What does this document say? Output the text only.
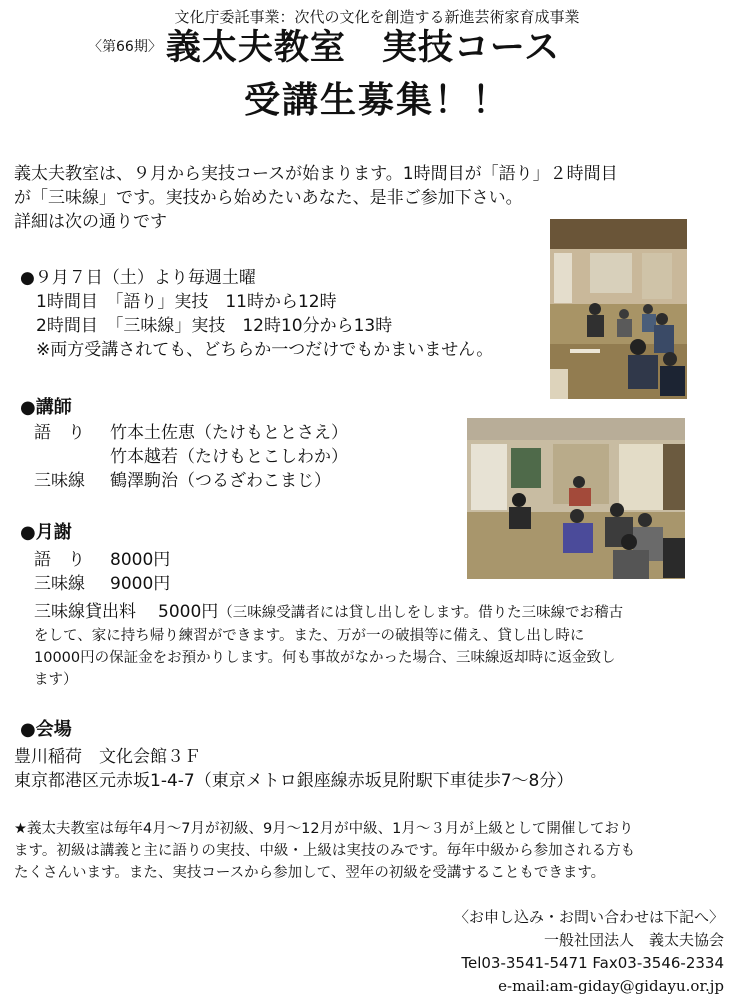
文化庁委託事業：次代の文化を創造する新進芸術家育成事業
$^{〈第66期〉}$ 義太夫教室 実技コース
受講生募集！！
義太夫教室は、９月から実技コースが始まります。1時間目が「語り」２時間目
が「三味線」です。実技から始めたいあなた、是非ご参加下さい。
詳細は次の通りです
●９月７日（土）より毎週土曜
1時間目　「語り」実技　11時から12時
2時間目　「三味線」実技　12時10分から13時
※両方受講されても、どちらか一つだけでもかまいません。
●講師
語　り	竹本土佐恵（たけもととさえ）
竹本越若（たけもとこしわか）
三味線	鶴澤駒治（つるざわこまじ）
●月謝
語　り	8000円
三味線	9000円
三味線貸出料 5000円 （三味線受講者には貸し出しをします。借りた三味線でお稽古
をして、家に持ち帰り練習ができます。また、万が一の破損等に備え、貸し出し時に
10000円の保証金をお預かりします。何も事故がなかった場合、三味線返却時に返金致し
ます）
●会場
豊川稲荷　文化会館３Ｆ
東京都港区元赤坂1-4-7（東京メトロ銀座線赤坂見附駅下車徒歩7～8分）
★義太夫教室は毎年4月～7月が初級、9月～12月が中級、1月～３月が上級として開催しており
ます。初級は講義と主に語りの実技、中級・上級は実技のみです。毎年中級から参加される方も
たくさんいます。また、実技コースから参加して、翌年の初級を受講することもできます。
〈お申し込み・お問い合わせは下記へ〉
一般社団法人　義太夫協会
Tel03-3541-5471 Fax03-3546-2334
e-mail:am-giday@gidayu.or.jp
